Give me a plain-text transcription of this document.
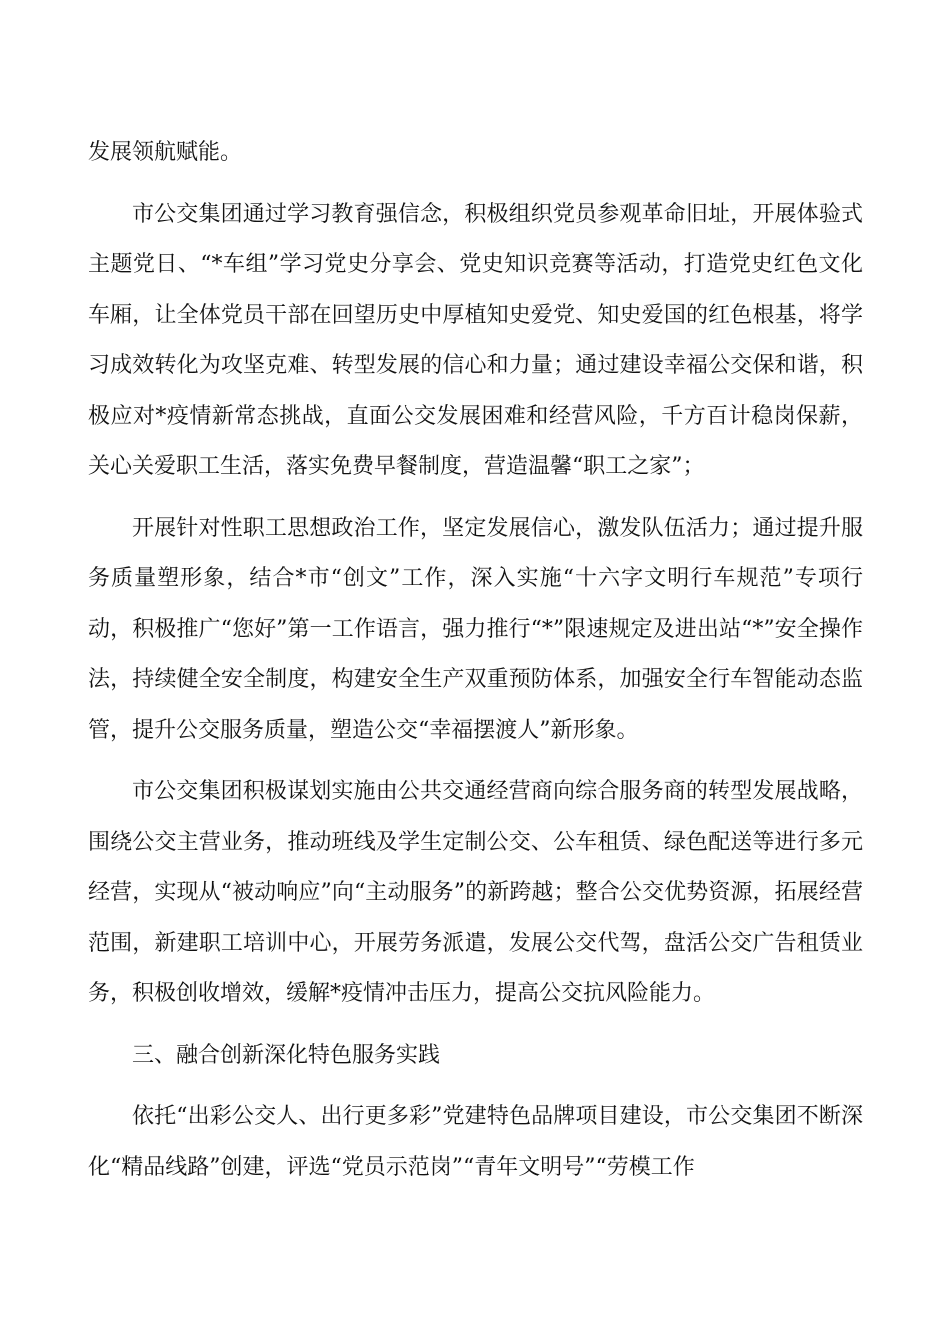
发展领航赋能。

市公交集团通过学习教育强信念，积极组织党员参观革命旧址，开展体验式主题党日、“*车组”学习党史分享会、党史知识竞赛等活动，打造党史红色文化车厢，让全体党员干部在回望历史中厚植知史爱党、知史爱国的红色根基，将学习成效转化为攻坚克难、转型发展的信心和力量；通过建设幸福公交保和谐，积极应对*疫情新常态挑战，直面公交发展困难和经营风险，千方百计稳岗保薪，关心关爱职工生活，落实免费早餐制度，营造温馨“职工之家”；

开展针对性职工思想政治工作，坚定发展信心，激发队伍活力；通过提升服务质量塑形象，结合*市“创文”工作，深入实施“十六字文明行车规范”专项行动，积极推广“您好”第一工作语言，强力推行“*”限速规定及进出站“*”安全操作法，持续健全安全制度，构建安全生产双重预防体系，加强安全行车智能动态监管，提升公交服务质量，塑造公交“幸福摆渡人”新形象。

市公交集团积极谋划实施由公共交通经营商向综合服务商的转型发展战略，围绕公交主营业务，推动班线及学生定制公交、公车租赁、绿色配送等进行多元经营，实现从“被动响应”向“主动服务”的新跨越；整合公交优势资源，拓展经营范围，新建职工培训中心，开展劳务派遣，发展公交代驾，盘活公交广告租赁业务，积极创收增效，缓解*疫情冲击压力，提高公交抗风险能力。

三、融合创新深化特色服务实践

依托“出彩公交人、出行更多彩”党建特色品牌项目建设，市公交集团不断深化“精品线路”创建，评选“党员示范岗”“青年文明号”“劳模工作
